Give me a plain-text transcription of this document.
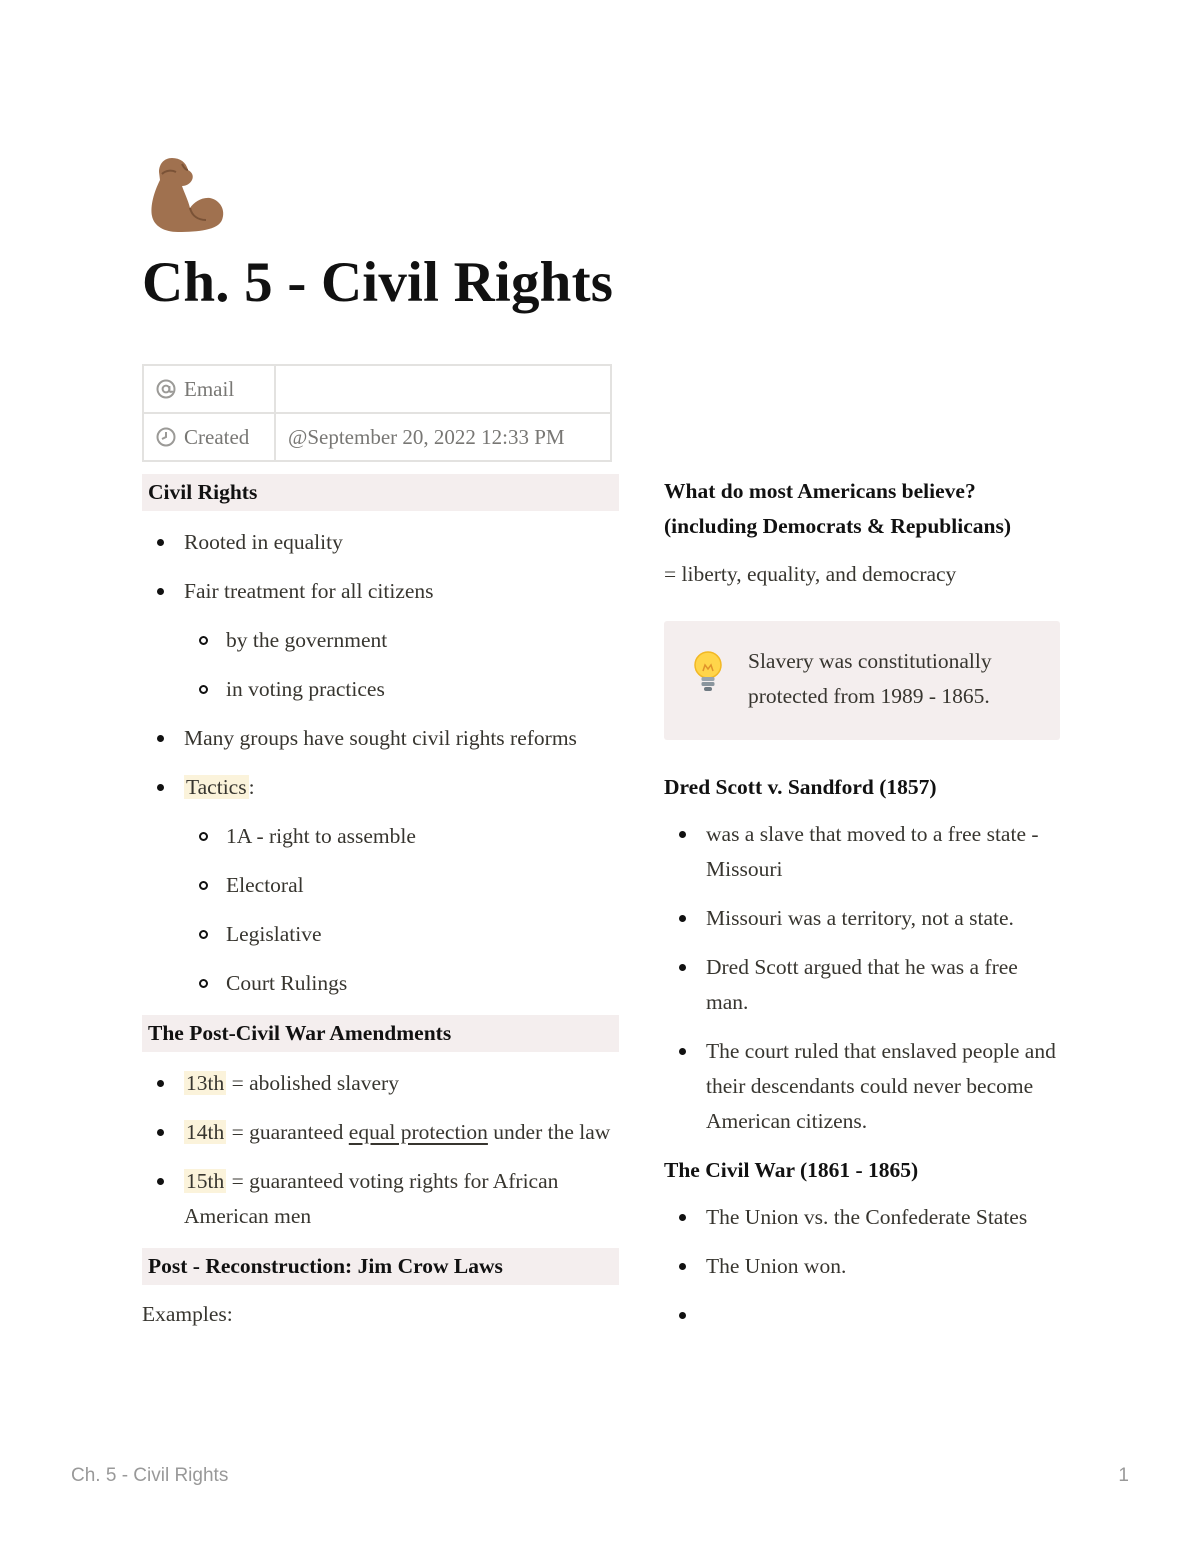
Ch. 5 - Civil Rights
Email	
Created	@September 20, 2022 12:33 PM
Civil Rights
Rooted in equality
Fair treatment for all citizens
by the government
in voting practices
Many groups have sought civil rights reforms
Tactics:
1A - right to assemble
Electoral
Legislative
Court Rulings
The Post-Civil War Amendments
13th = abolished slavery
14th = guaranteed equal protection under the law
15th = guaranteed voting rights for African American men
Post - Reconstruction: Jim Crow Laws

Examples:

What do most Americans believe? (including Democrats & Republicans)

= liberty, equality, and democracy

Slavery was constitutionally protected from 1989 - 1865.

Dred Scott v. Sandford (1857)

was a slave that moved to a free state - Missouri
Missouri was a territory, not a state.
Dred Scott argued that he was a free man.
The court ruled that enslaved people and their descendants could never become American citizens.

The Civil War (1861 - 1865)

The Union vs. the Confederate States
The Union won.
Ch. 5 - Civil Rights	1
